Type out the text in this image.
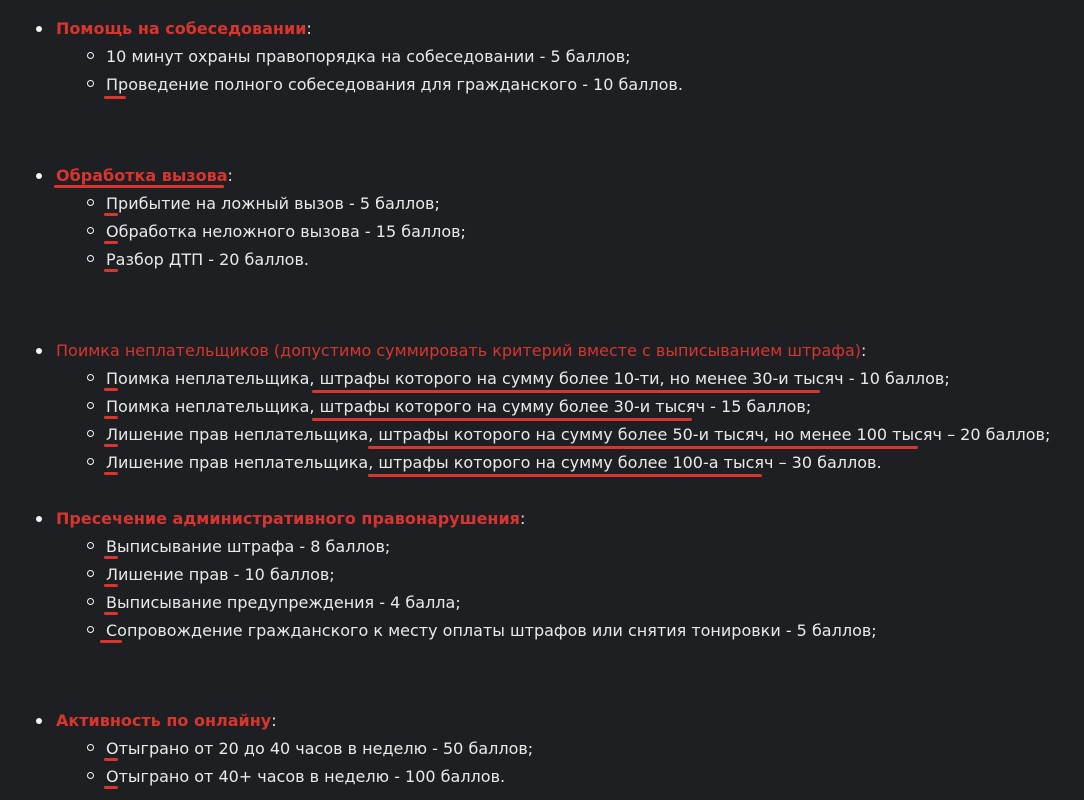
Помощь на собеседовании:
10 минут охраны правопорядка на собеседовании - 5 баллов;
Проведение полного собеседования для гражданского - 10 баллов.
Обработка вызова:
Прибытие на ложный вызов - 5 баллов;
Обработка неложного вызова - 15 баллов;
Разбор ДТП - 20 баллов.
Поимка неплательщиков (допустимо суммировать критерий вместе с выписыванием штрафа):
Поимка неплательщика, штрафы которого на сумму более 10-ти, но менее 30-и тысяч - 10 баллов;
Поимка неплательщика, штрафы которого на сумму более 30-и тысяч - 15 баллов;
Лишение прав неплательщика, штрафы которого на сумму более 50-и тысяч, но менее 100 тысяч – 20 баллов;
Лишение прав неплательщика, штрафы которого на сумму более 100-а тысяч – 30 баллов.
Пресечение административного правонарушения:
Выписывание штрафа - 8 баллов;
Лишение прав - 10 баллов;
Выписывание предупреждения - 4 балла;
Сопровождение гражданского к месту оплаты штрафов или снятия тонировки - 5 баллов;
Активность по онлайну:
Отыграно от 20 до 40 часов в неделю - 50 баллов;
Отыграно от 40+ часов в неделю - 100 баллов.
